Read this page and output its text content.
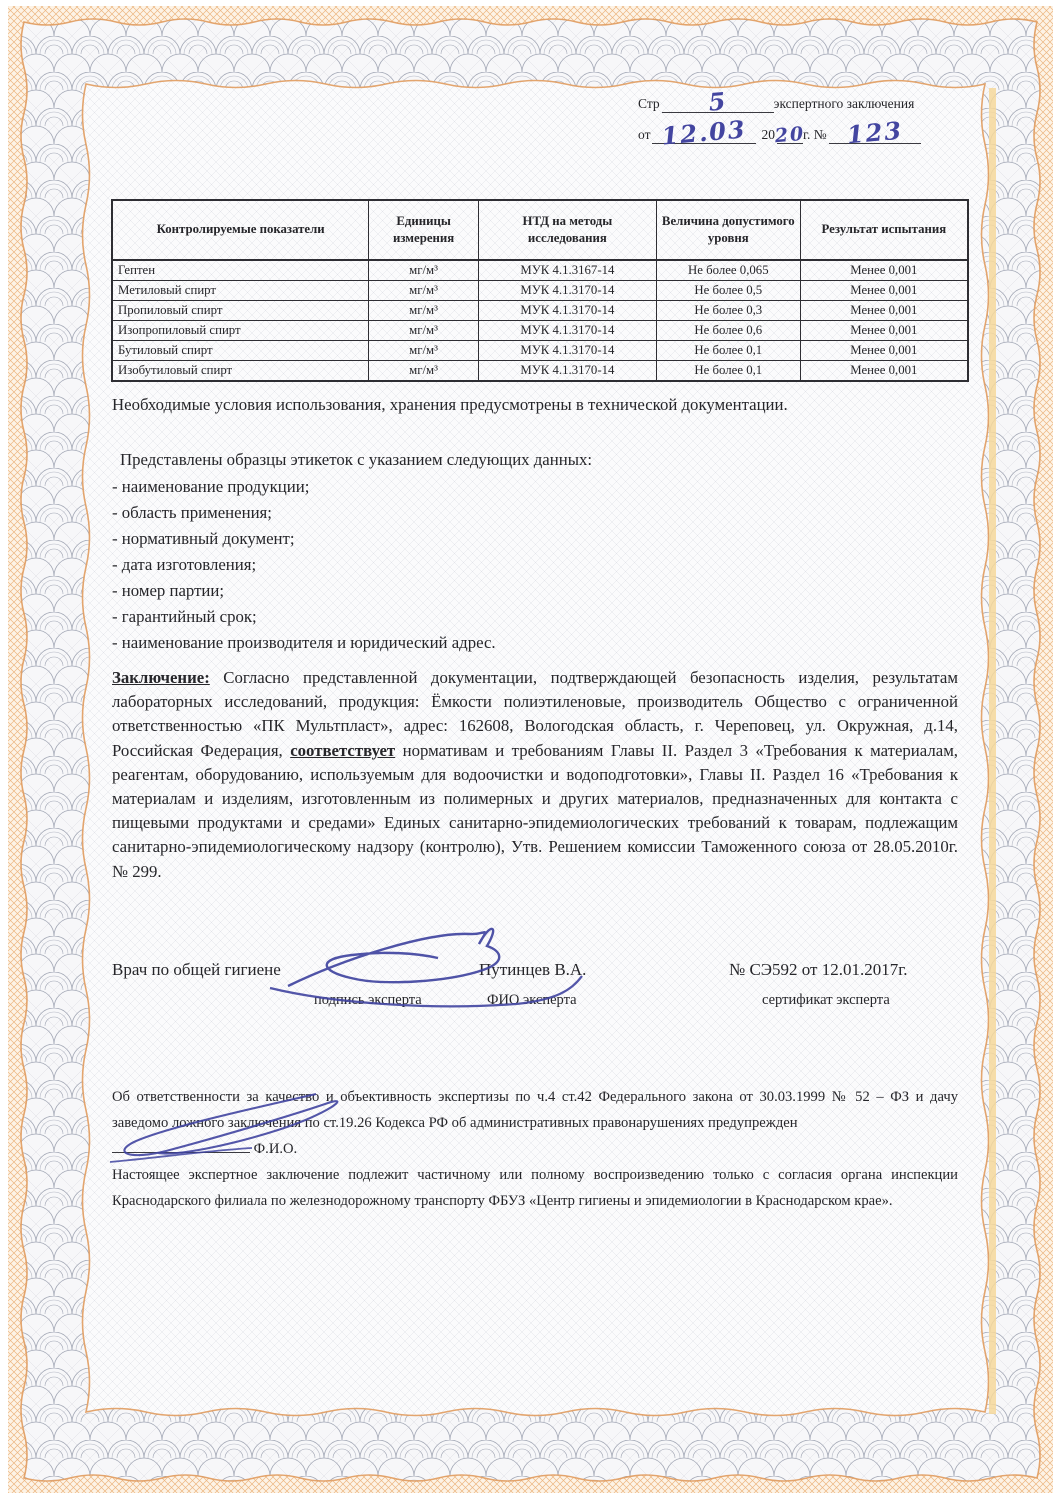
Стр 5	экспертного заключения
от 12.03 20
20
г. № 123
Контролируемые показатели	Единицы измерения	НТД на методы исследования	Величина допустимого уровня	Результат испытания
Гептен	мг/м³	МУК 4.1.3167-14	Не более 0,065	Менее 0,001
Метиловый спирт	мг/м³	МУК 4.1.3170-14	Не более 0,5	Менее 0,001
Пропиловый спирт	мг/м³	МУК 4.1.3170-14	Не более 0,3	Менее 0,001
Изопропиловый спирт	мг/м³	МУК 4.1.3170-14	Не более 0,6	Менее 0,001
Бутиловый спирт	мг/м³	МУК 4.1.3170-14	Не более 0,1	Менее 0,001
Изобутиловый спирт	мг/м³	МУК 4.1.3170-14	Не более 0,1	Менее 0,001
Необходимые условия использования, хранения предусмотрены в технической документации.
Представлены образцы этикеток с указанием следующих данных:
- наименование продукции;
- область применения;
- нормативный документ;
- дата изготовления;
- номер партии;
- гарантийный срок;
- наименование производителя и юридический адрес.
Заключение: Согласно представленной документации, подтверждающей безопасность изделия, результатам лабораторных исследований, продукция: Ёмкости полиэтиленовые, производитель Общество с ограниченной ответственностью «ПК Мультпласт», адрес: 162608, Вологодская область, г. Череповец, ул. Окружная, д.14, Российская Федерация, соответствует нормативам и требованиям Главы II. Раздел 3 «Требования к материалам, реагентам, оборудованию, используемым для водоочистки и водоподготовки», Главы II. Раздел 16 «Требования к материалам и изделиям, изготовленным из полимерных и других материалов, предназначенных для контакта с пищевыми продуктами и средами» Единых санитарно-эпидемиологических требований к товарам, подлежащим санитарно-эпидемиологическому надзору (контролю), Утв. Решением комиссии Таможенного союза от 28.05.2010г. № 299.
Врач по общей гигиене	Путинцев В.А.	№ СЭ592 от 12.01.2017г.
подпись эксперта	ФИО эксперта	сертификат эксперта
Об ответственности за качество и объективность экспертизы по ч.4 ст.42 Федерального закона от 30.03.1999 № 52 – ФЗ и дачу заведомо ложного заключения по ст.19.26 Кодекса РФ об административных правонарушениях предупрежден
Ф.И.О.
Настоящее экспертное заключение подлежит частичному или полному воспроизведению только с согласия органа инспекции Краснодарского филиала по железнодорожному транспорту ФБУЗ «Центр гигиены и эпидемиологии в Краснодарском крае».
